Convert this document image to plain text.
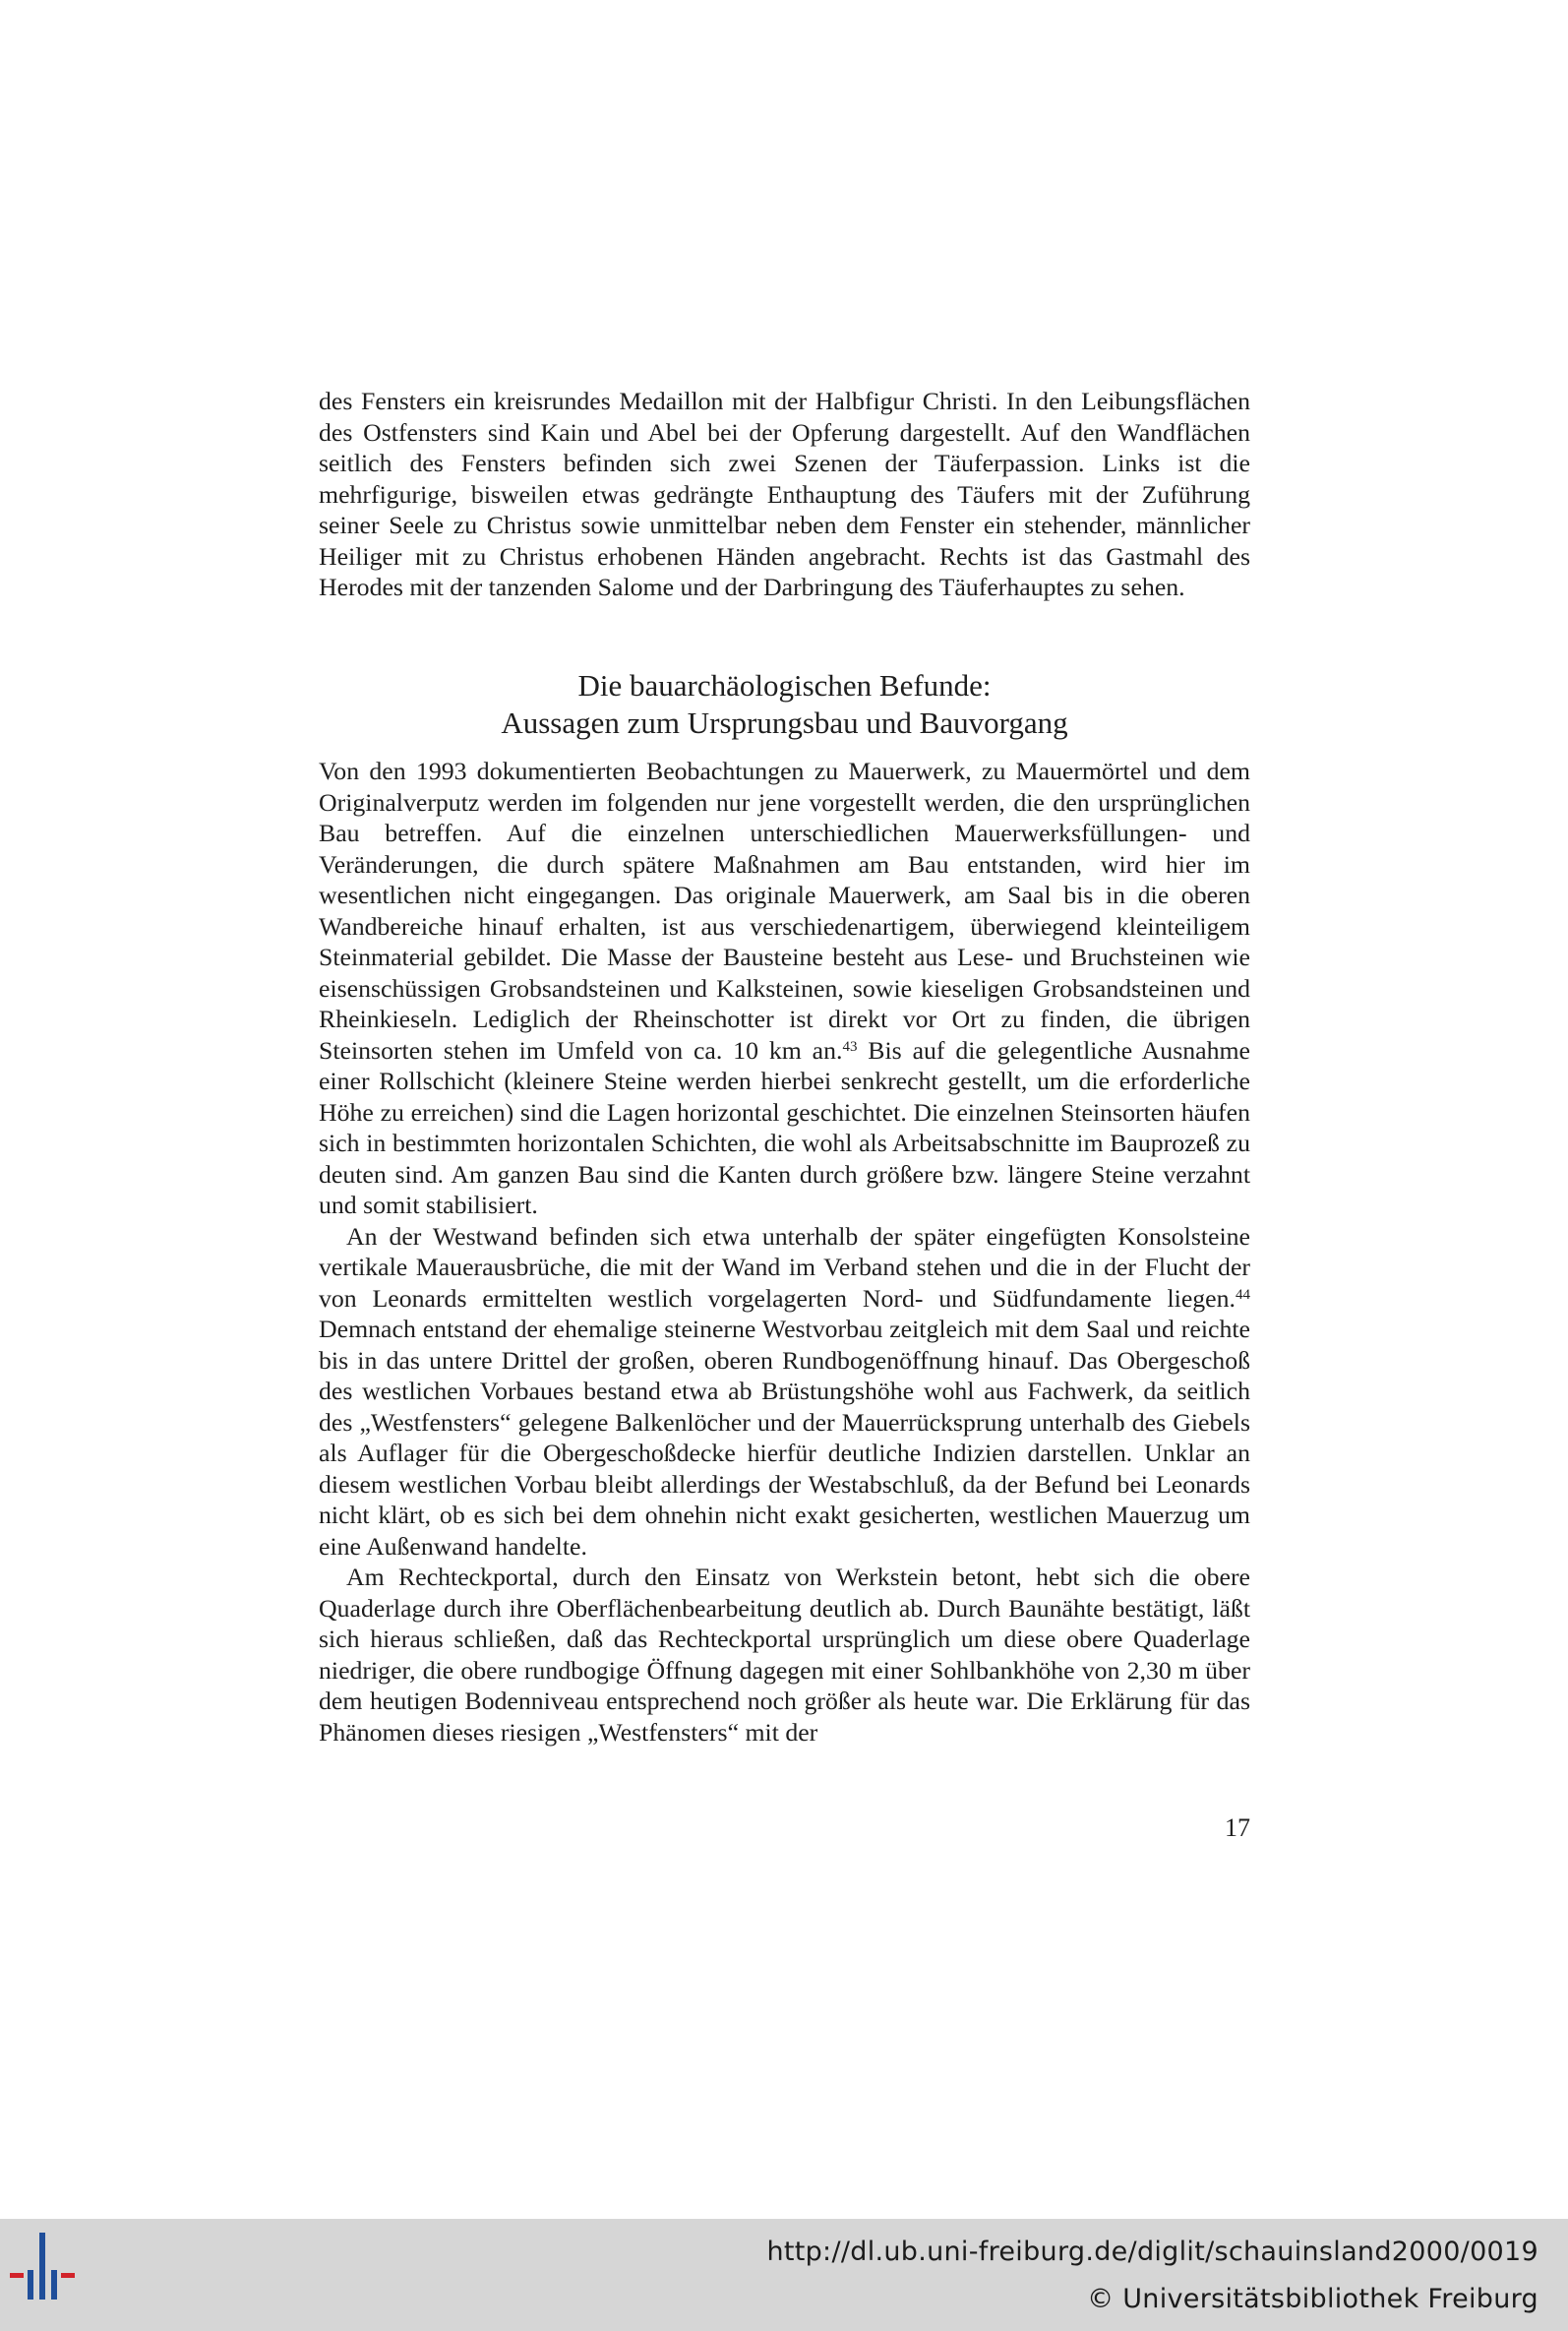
des Fensters ein kreisrundes Medaillon mit der Halbfigur Christi. In den Leibungsflächen des Ostfensters sind Kain und Abel bei der Opferung dargestellt. Auf den Wandflächen seitlich des Fensters befinden sich zwei Szenen der Täuferpassion. Links ist die mehrfigurige, bisweilen etwas gedrängte Enthauptung des Täufers mit der Zuführung seiner Seele zu Christus sowie unmittelbar neben dem Fenster ein stehender, männlicher Heiliger mit zu Christus erhobenen Händen angebracht. Rechts ist das Gastmahl des Herodes mit der tanzenden Salome und der Darbringung des Täuferhauptes zu sehen.

Die bauarchäologischen Befunde:
Aussagen zum Ursprungsbau und Bauvorgang

Von den 1993 dokumentierten Beobachtungen zu Mauerwerk, zu Mauermörtel und dem Originalverputz werden im folgenden nur jene vorgestellt werden, die den ursprünglichen Bau betreffen. Auf die einzelnen unterschiedlichen Mauerwerksfüllungen- und Veränderungen, die durch spätere Maßnahmen am Bau entstanden, wird hier im wesentlichen nicht eingegangen. Das originale Mauerwerk, am Saal bis in die oberen Wandbereiche hinauf erhalten, ist aus verschiedenartigem, überwiegend kleinteiligem Steinmaterial gebildet. Die Masse der Bausteine besteht aus Lese- und Bruchsteinen wie eisenschüssigen Grobsandsteinen und Kalksteinen, sowie kieseligen Grobsandsteinen und Rheinkieseln. Lediglich der Rheinschotter ist direkt vor Ort zu finden, die übrigen Steinsorten stehen im Umfeld von ca. 10 km an.$^{43}$ Bis auf die gelegentliche Ausnahme einer Rollschicht (kleinere Steine werden hierbei senkrecht gestellt, um die erforderliche Höhe zu erreichen) sind die Lagen horizontal geschichtet. Die einzelnen Steinsorten häufen sich in bestimmten horizontalen Schichten, die wohl als Arbeitsabschnitte im Bauprozeß zu deuten sind. Am ganzen Bau sind die Kanten durch größere bzw. längere Steine verzahnt und somit stabilisiert.

An der Westwand befinden sich etwa unterhalb der später eingefügten Konsolsteine vertikale Mauerausbrüche, die mit der Wand im Verband stehen und die in der Flucht der von Leonards ermittelten westlich vorgelagerten Nord- und Südfundamente liegen.$^{44}$ Demnach entstand der ehemalige steinerne Westvorbau zeitgleich mit dem Saal und reichte bis in das untere Drittel der großen, oberen Rundbogenöffnung hinauf. Das Obergeschoß des westlichen Vorbaues bestand etwa ab Brüstungshöhe wohl aus Fachwerk, da seitlich des „Westfensters“ gelegene Balkenlöcher und der Mauerrücksprung unterhalb des Giebels als Auflager für die Obergeschoßdecke hierfür deutliche Indizien darstellen. Unklar an diesem westlichen Vorbau bleibt allerdings der Westabschluß, da der Befund bei Leonards nicht klärt, ob es sich bei dem ohnehin nicht exakt gesicherten, westlichen Mauerzug um eine Außenwand handelte.

Am Rechteckportal, durch den Einsatz von Werkstein betont, hebt sich die obere Quaderlage durch ihre Oberflächenbearbeitung deutlich ab. Durch Baunähte bestätigt, läßt sich hieraus schließen, daß das Rechteckportal ursprünglich um diese obere Quaderlage niedriger, die obere rundbogige Öffnung dagegen mit einer Sohlbankhöhe von 2,30 m über dem heutigen Bodenniveau entsprechend noch größer als heute war. Die Erklärung für das Phänomen dieses riesigen „Westfensters“ mit der

17
http://dl.ub.uni-freiburg.de/diglit/schauinsland2000/0019
© Universitätsbibliothek Freiburg
